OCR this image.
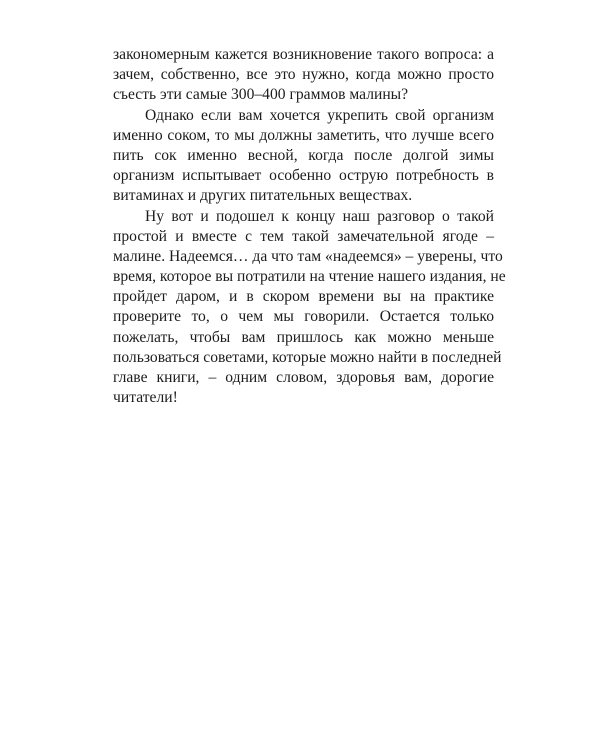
закономерным кажется возникновение такого вопроса: а
зачем, собственно, все это нужно, когда можно просто
съесть эти самые 300–400 граммов малины?
Однако если вам хочется укрепить свой организм
именно соком, то мы должны заметить, что лучше всего
пить сок именно весной, когда после долгой зимы
организм испытывает особенно острую потребность в
витаминах и других питательных веществах.
Ну вот и подошел к концу наш разговор о такой
простой и вместе с тем такой замечательной ягоде –
малине. Надеемся… да что там «надеемся» – уверены, что
время, которое вы потратили на чтение нашего издания, не
пройдет даром, и в скором времени вы на практике
проверите то, о чем мы говорили. Остается только
пожелать, чтобы вам пришлось как можно меньше
пользоваться советами, которые можно найти в последней
главе книги, – одним словом, здоровья вам, дорогие
читатели!
